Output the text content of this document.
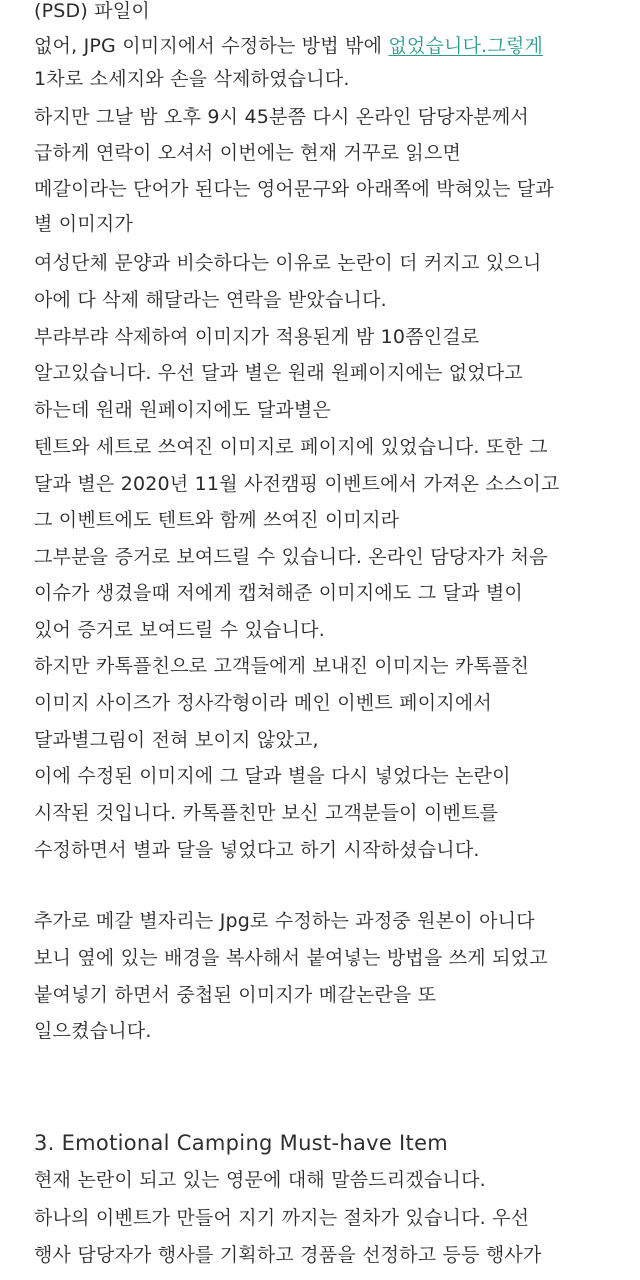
(PSD) 파일이
없어, JPG 이미지에서 수정하는 방법 밖에 없었습니다.그렇게
1차로 소세지와 손을 삭제하였습니다.
하지만 그날 밤 오후 9시 45분쯤 다시 온라인 담당자분께서
급하게 연락이 오셔서 이번에는 현재 거꾸로 읽으면
메갈이라는 단어가 된다는 영어문구와 아래쪽에 박혀있는 달과
별 이미지가
여성단체 문양과 비슷하다는 이유로 논란이 더 커지고 있으니
아에 다 삭제 해달라는 연락을 받았습니다.
부랴부랴 삭제하여 이미지가 적용된게 밤 10쯤인걸로
알고있습니다. 우선 달과 별은 원래 원페이지에는 없었다고
하는데 원래 원페이지에도 달과별은
텐트와 세트로 쓰여진 이미지로 페이지에 있었습니다. 또한 그
달과 별은 2020년 11월 사전캠핑 이벤트에서 가져온 소스이고
그 이벤트에도 텐트와 함께 쓰여진 이미지라
그부분을 증거로 보여드릴 수 있습니다. 온라인 담당자가 처음
이슈가 생겼을때 저에게 캡쳐해준 이미지에도 그 달과 별이
있어 증거로 보여드릴 수 있습니다.
하지만 카톡플친으로 고객들에게 보내진 이미지는 카톡플친
이미지 사이즈가 정사각형이라 메인 이벤트 페이지에서
달과별그림이 전혀 보이지 않았고,
이에 수정된 이미지에 그 달과 별을 다시 넣었다는 논란이
시작된 것입니다. 카톡플친만 보신 고객분들이 이벤트를
수정하면서 별과 달을 넣었다고 하기 시작하셨습니다.
추가로 메갈 별자리는 Jpg로 수정하는 과정중 원본이 아니다
보니 옆에 있는 배경을 복사해서 붙여넣는 방법을 쓰게 되었고
붙여넣기 하면서 중첩된 이미지가 메갈논란을 또
일으켰습니다.
3. Emotional Camping Must-have Item
현재 논란이 되고 있는 영문에 대해 말씀드리겠습니다.
하나의 이벤트가 만들어 지기 까지는 절차가 있습니다. 우선
행사 담당자가 행사를 기획하고 경품을 선정하고 등등 행사가
